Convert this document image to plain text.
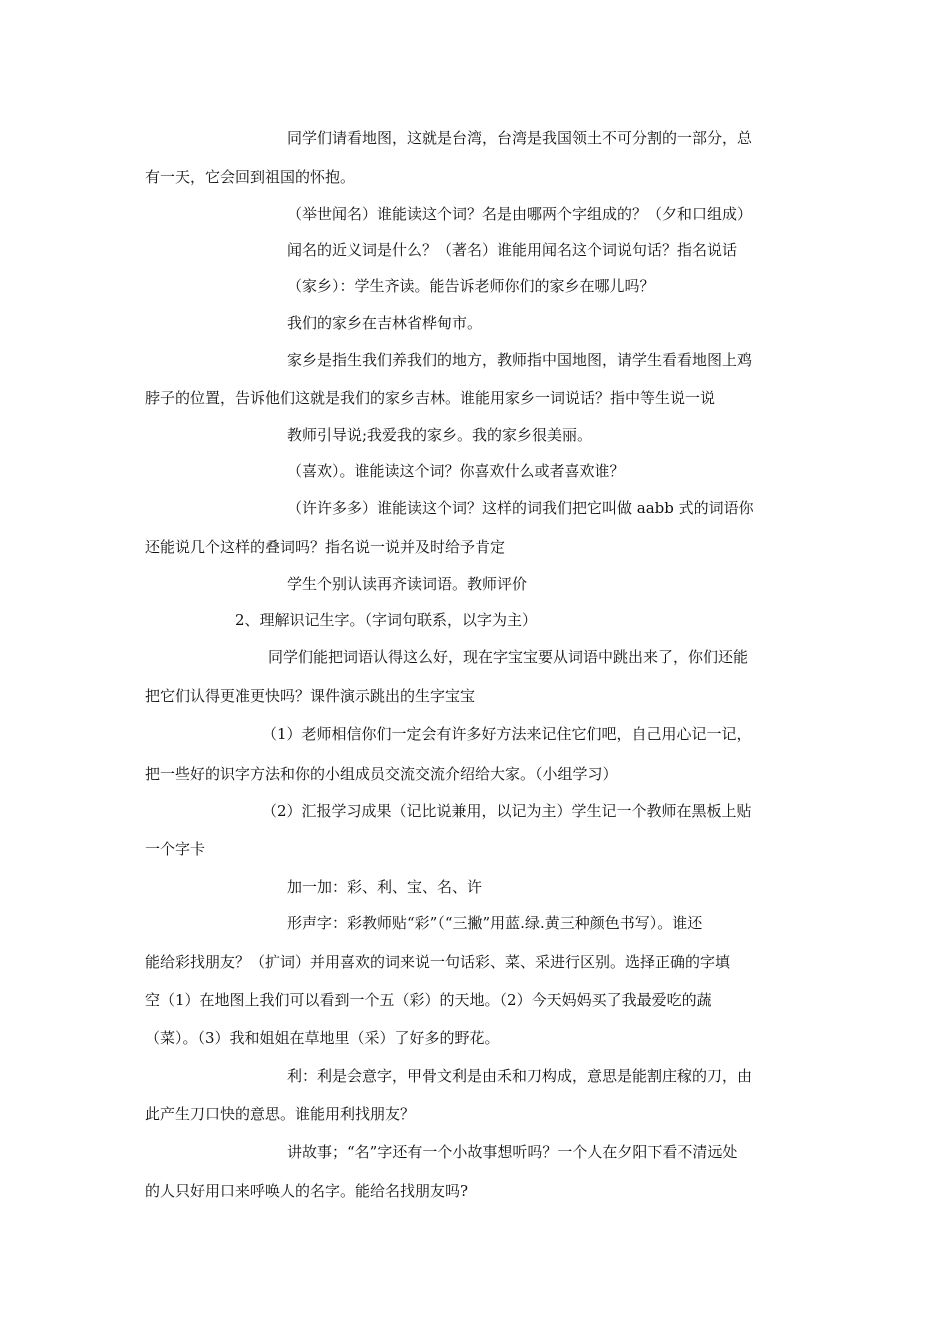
同学们请看地图，这就是台湾，台湾是我国领土不可分割的一部分，总
有一天，它会回到祖国的怀抱。
（举世闻名）谁能读这个词？名是由哪两个字组成的？（夕和口组成）
闻名的近义词是什么？（著名）谁能用闻名这个词说句话？指名说话
（家乡）：学生齐读。能告诉老师你们的家乡在哪儿吗？
我们的家乡在吉林省桦甸市。
家乡是指生我们养我们的地方，教师指中国地图，请学生看看地图上鸡
脖子的位置，告诉他们这就是我们的家乡吉林。谁能用家乡一词说话？指中等生说一说
教师引导说;我爱我的家乡。我的家乡很美丽。
（喜欢）。谁能读这个词？你喜欢什么或者喜欢谁？
（许许多多）谁能读这个词？这样的词我们把它叫做 aabb 式的词语你
还能说几个这样的叠词吗？指名说一说并及时给予肯定
学生个别认读再齐读词语。教师评价
2、理解识记生字。（字词句联系，以字为主）
同学们能把词语认得这么好，现在字宝宝要从词语中跳出来了，你们还能
把它们认得更准更快吗？课件演示跳出的生字宝宝
（1）老师相信你们一定会有许多好方法来记住它们吧，自己用心记一记，
把一些好的识字方法和你的小组成员交流交流介绍给大家。（小组学习）
（2）汇报学习成果（记比说兼用，以记为主）学生记一个教师在黑板上贴
一个字卡
加一加：彩、利、宝、名、许
形声字：彩教师贴“彩”（“三撇”用蓝.绿.黄三种颜色书写）。谁还
能给彩找朋友？（扩词）并用喜欢的词来说一句话彩、菜、采进行区别。选择正确的字填
空（1）在地图上我们可以看到一个五（彩）的天地。（2）今天妈妈买了我最爱吃的蔬
（菜）。（3）我和姐姐在草地里（采）了好多的野花。
利：利是会意字，甲骨文利是由禾和刀构成，意思是能割庄稼的刀，由
此产生刀口快的意思。谁能用利找朋友？
讲故事；“名”字还有一个小故事想听吗？一个人在夕阳下看不清远处
的人只好用口来呼唤人的名字。能给名找朋友吗?
